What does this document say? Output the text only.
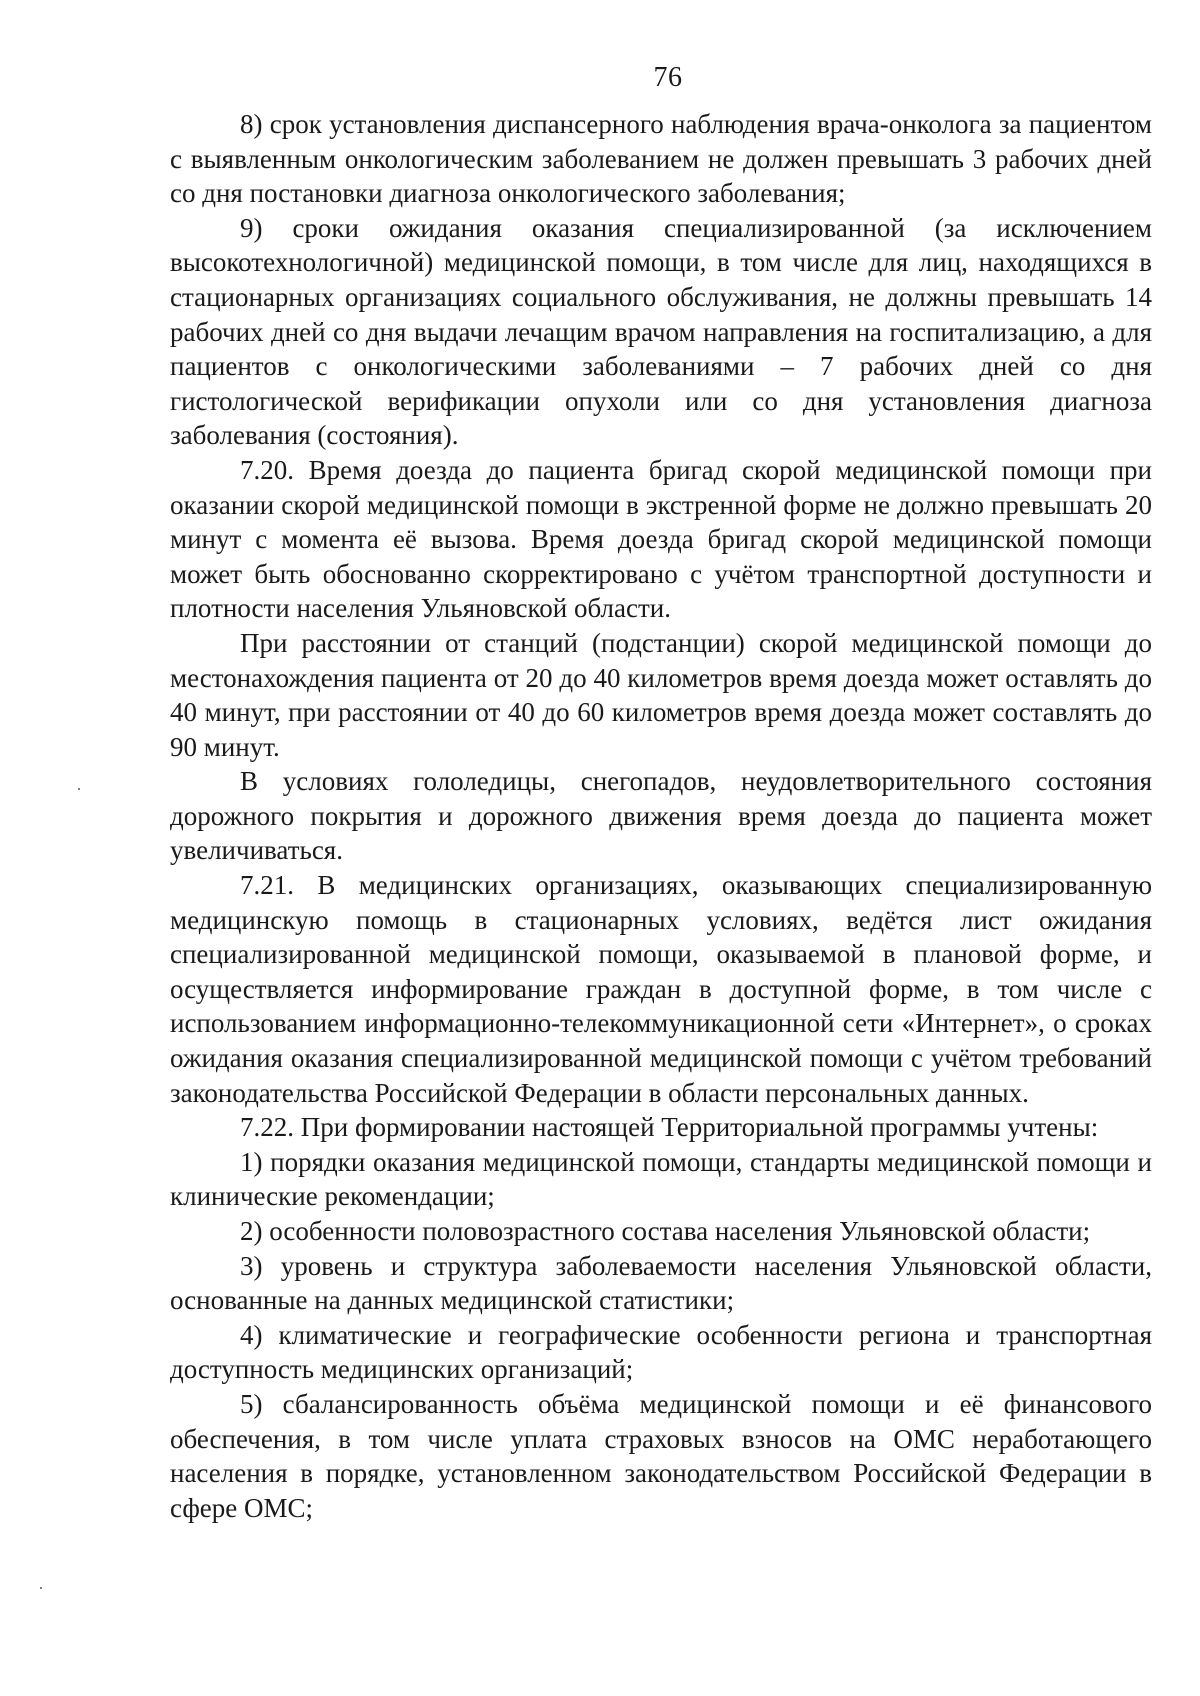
76

8) срок установления диспансерного наблюдения врача-онколога за пациентом с выявленным онкологическим заболеванием не должен превышать 3 рабочих дней со дня постановки диагноза онкологического заболевания;

9) сроки ожидания оказания специализированной (за исключением высокотехнологичной) медицинской помощи, в том числе для лиц, находящихся в стационарных организациях социального обслуживания, не должны превышать 14 рабочих дней со дня выдачи лечащим врачом направления на госпитализацию, а для пациентов с онкологическими заболеваниями – 7 рабочих дней со дня гистологической верификации опухоли или со дня установления диагноза заболевания (состояния).

7.20. Время доезда до пациента бригад скорой медицинской помощи при оказании скорой медицинской помощи в экстренной форме не должно превышать 20 минут с момента её вызова. Время доезда бригад скорой медицинской помощи может быть обоснованно скорректировано с учётом транспортной доступности и плотности населения Ульяновской области.

При расстоянии от станций (подстанции) скорой медицинской помощи до местонахождения пациента от 20 до 40 километров время доезда может оставлять до 40 минут, при расстоянии от 40 до 60 километров время доезда может составлять до 90 минут.

В условиях гололедицы, снегопадов, неудовлетворительного состояния дорожного покрытия и дорожного движения время доезда до пациента может увеличиваться.

7.21. В медицинских организациях, оказывающих специализированную медицинскую помощь в стационарных условиях, ведётся лист ожидания специализированной медицинской помощи, оказываемой в плановой форме, и осуществляется информирование граждан в доступной форме, в том числе с использованием информационно-телекоммуникационной сети «Интернет», о сроках ожидания оказания специализированной медицинской помощи с учётом требований законодательства Российской Федерации в области персональных данных.

7.22. При формировании настоящей Территориальной программы учтены:

1) порядки оказания медицинской помощи, стандарты медицинской помощи и клинические рекомендации;

2) особенности половозрастного состава населения Ульяновской области;

3) уровень и структура заболеваемости населения Ульяновской области, основанные на данных медицинской статистики;

4) климатические и географические особенности региона и транспортная доступность медицинских организаций;

5) сбалансированность объёма медицинской помощи и её финансового обеспечения, в том числе уплата страховых взносов на ОМС неработающего населения в порядке, установленном законодательством Российской Федерации в сфере ОМС;
